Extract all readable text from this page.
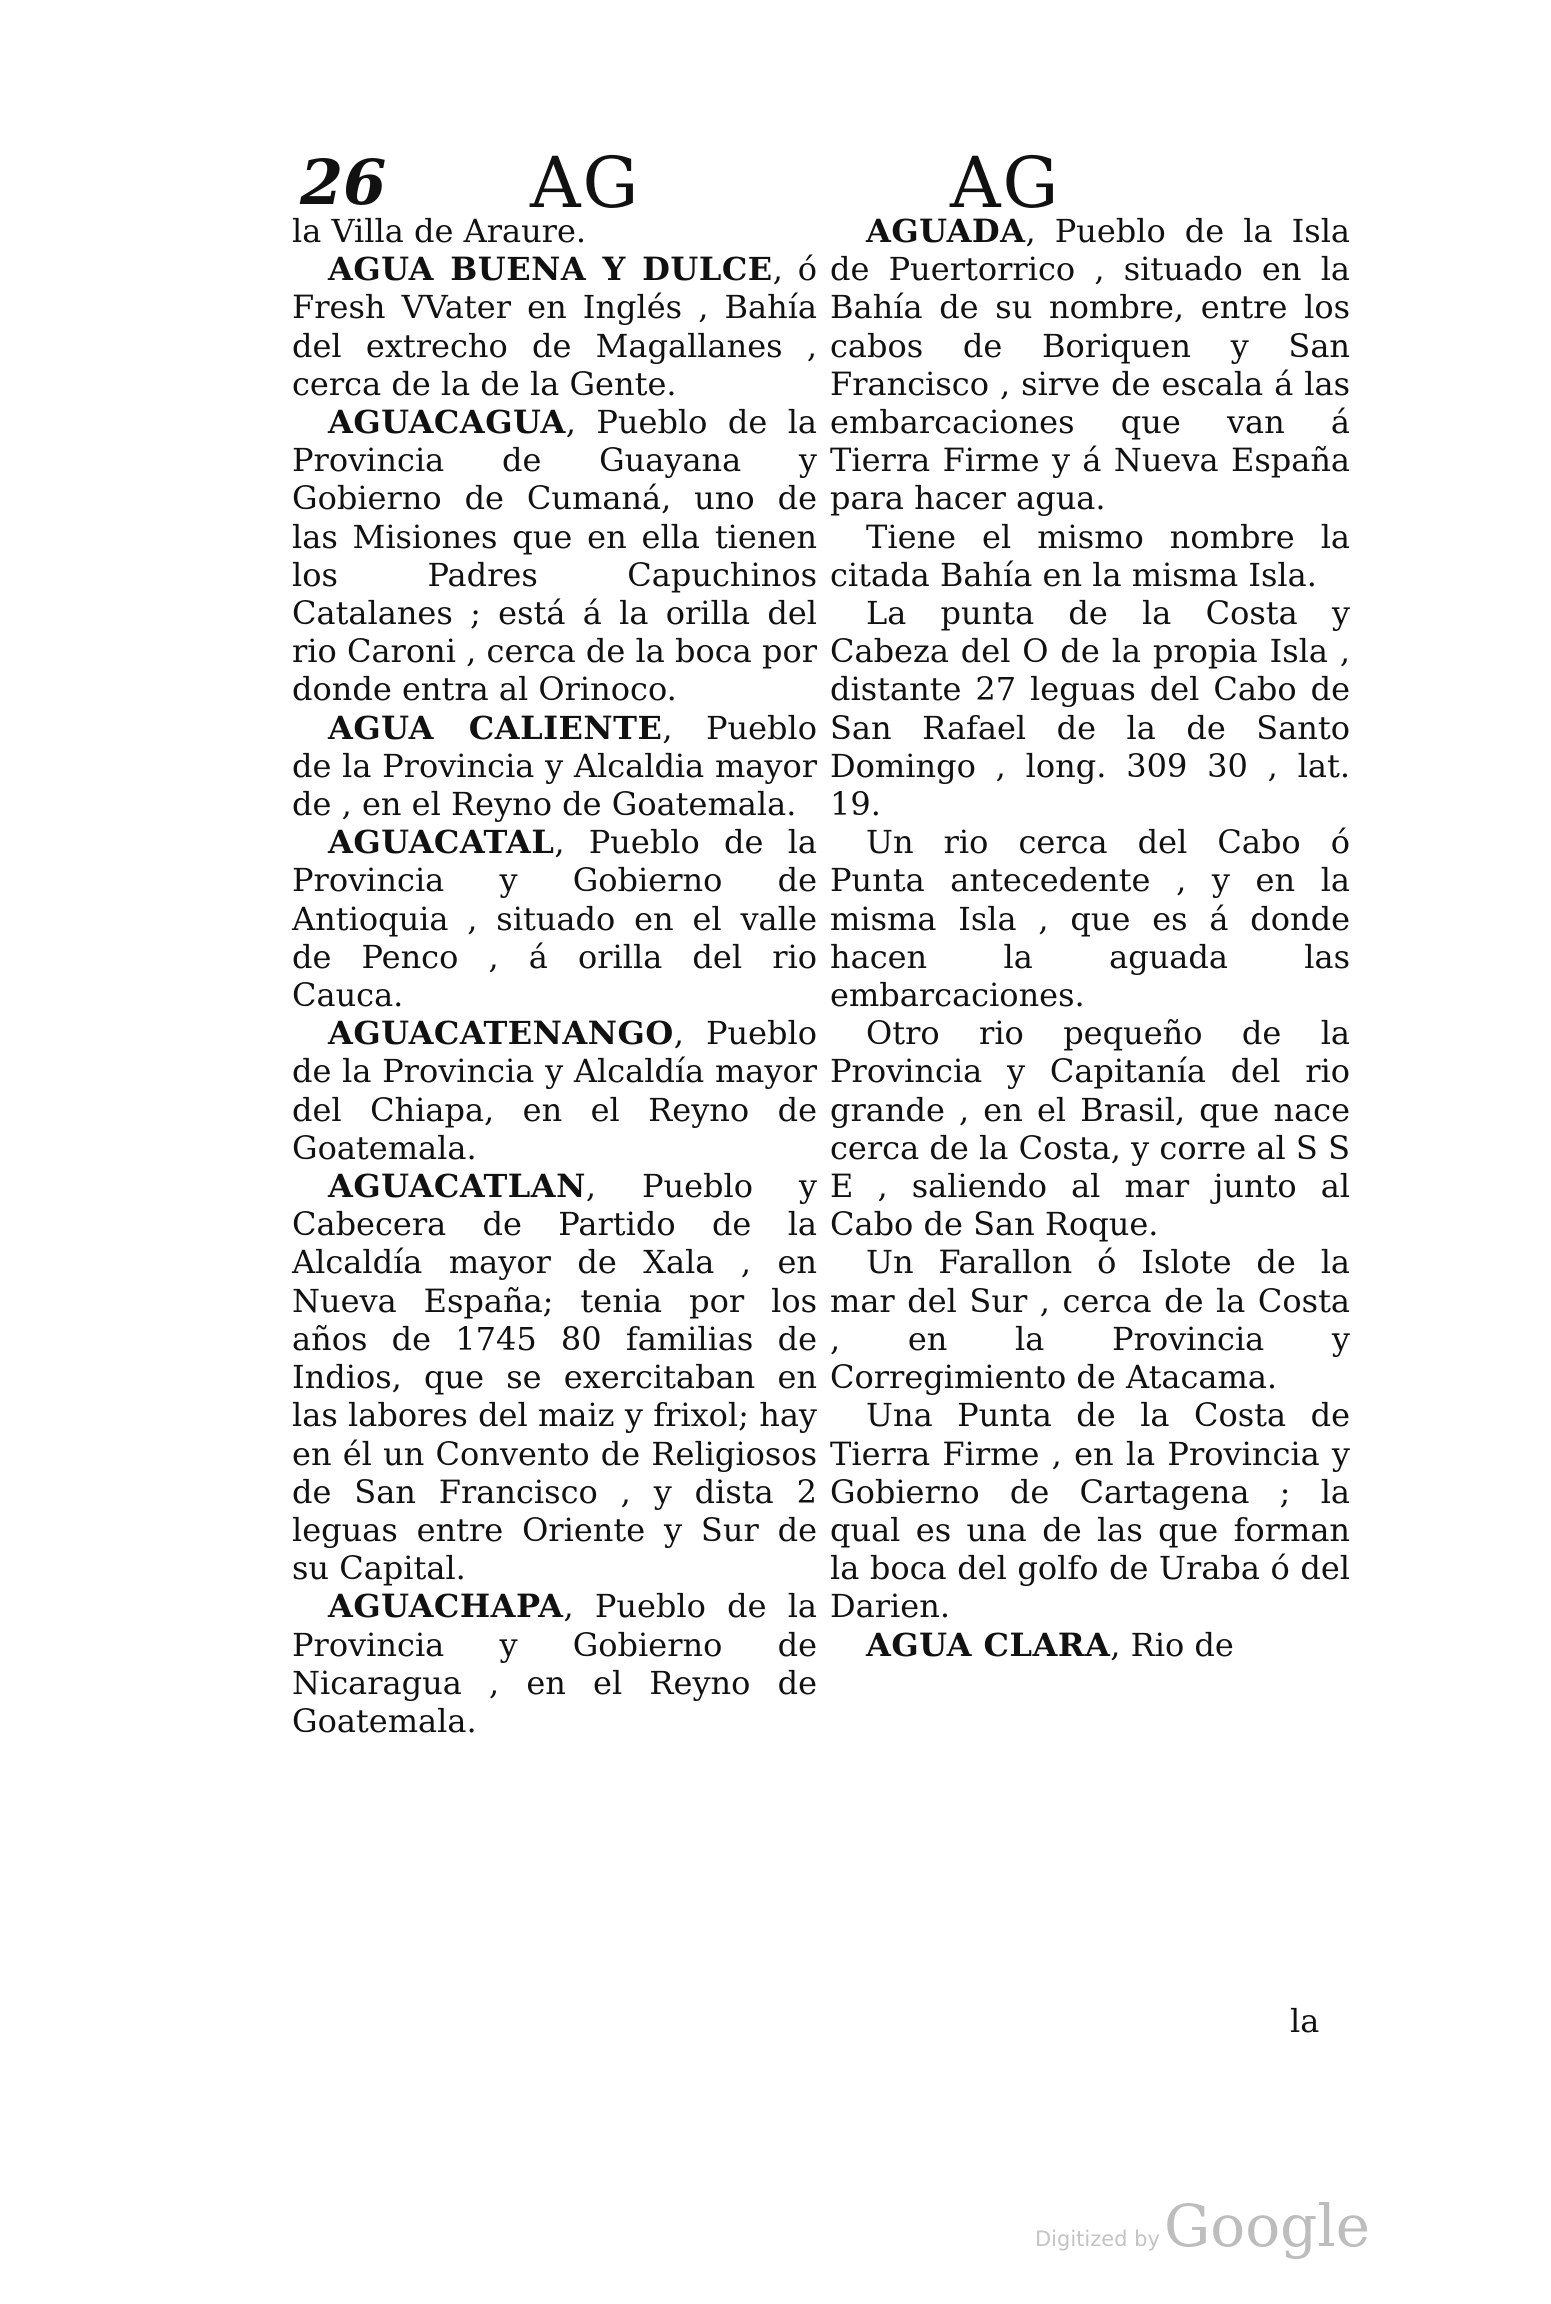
26 AG	AG

la Villa de Araure.

AGUA BUENA Y DULCE, ó Fresh VVater en Inglés , Bahía del extrecho de Magallanes , cerca de la de la Gente.

AGUACAGUA, Pueblo de la Provincia de Guayana y Gobierno de Cumaná, uno de las Misiones que en ella tienen los Padres Capuchinos Catalanes ; está á la orilla del rio Caroni , cerca de la boca por donde entra al Orinoco.

AGUA CALIENTE, Pueblo de la Provincia y Alcaldia mayor de , en el Reyno de Goatemala.

AGUACATAL, Pueblo de la Provincia y Gobierno de Antioquia , situado en el valle de Penco , á orilla del rio Cauca.

AGUACATENANGO, Pueblo de la Provincia y Alcaldía mayor del Chiapa, en el Reyno de Goatemala.

AGUACATLAN, Pueblo y Cabecera de Partido de la Alcaldía mayor de Xala , en Nueva España; tenia por los años de 1745 80 familias de Indios, que se exercitaban en las labores del maiz y frixol; hay en él un Convento de Religiosos de San Francisco , y dista 2 leguas entre Oriente y Sur de su Capital.

AGUACHAPA, Pueblo de la Provincia y Gobierno de Nicaragua , en el Reyno de Goatemala.

AGUADA, Pueblo de la Isla de Puertorrico , situado en la Bahía de su nombre, entre los cabos de Boriquen y San Francisco , sirve de escala á las embarcaciones que van á Tierra Firme y á Nueva España para hacer agua.

Tiene el mismo nombre la citada Bahía en la misma Isla.

La punta de la Costa y Cabeza del O de la propia Isla , distante 27 leguas del Cabo de San Rafael de la de Santo Domingo , long. 309 30 , lat. 19.

Un rio cerca del Cabo ó Punta antecedente , y en la misma Isla , que es á donde hacen la aguada las embarcaciones.

Otro rio pequeño de la Provincia y Capitanía del rio grande , en el Brasil, que nace cerca de la Costa, y corre al S S E , saliendo al mar junto al Cabo de San Roque.

Un Farallon ó Islote de la mar del Sur , cerca de la Costa , en la Provincia y Corregimiento de Atacama.

Una Punta de la Costa de Tierra Firme , en la Provincia y Gobierno de Cartagena ; la qual es una de las que forman la boca del golfo de Uraba ó del Darien.

AGUA CLARA, Rio de

la
Digitized byGoogle
